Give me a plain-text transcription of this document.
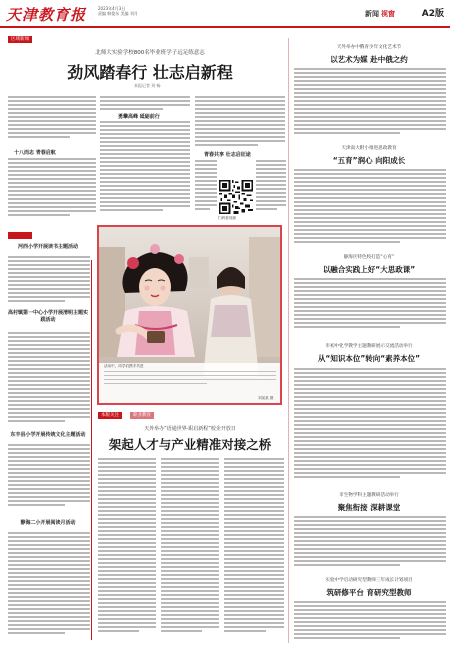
天津教育报	2023年4月3日
责编 韩俊东 美编 刘月	新闻 视窗	A2版
区域新闻
北师大实验学校800名毕业班学子远足练意志
劲风踏春行 壮志启新程
本报记者 刘 畅
十八而志 青春启航
勇攀高峰 砥砺前行
青春共享 壮志启征途
扫码看视频
活动中，同学们携手共进
刘某某 摄
河西小学开展读书主题活动
高村镇第一中心小学开展清明主题实践活动
东丰县小学开展传统文化主题活动
静海二小开展阅读月活动
本版关注	职业教育
天外举办“语通世界·职启新程”校企开放日
架起人才与产业精准对接之桥
天外举办中俄青少年文化艺术节
以艺术为媒 赴中俄之约
天津南大附小推进思政教育
“五育”润心 向阳成长
静海区特色校打造“心育”
以融合实践上好“大思政课”
市初中化学教学主题教研展示交流活动举行
从“知识本位”转向“素养本位”
市生物学科主题教研活动举行
聚焦衔接 深耕课堂
实验中学启动研究型教师三年成长计划项目
筑研修平台 育研究型教师
